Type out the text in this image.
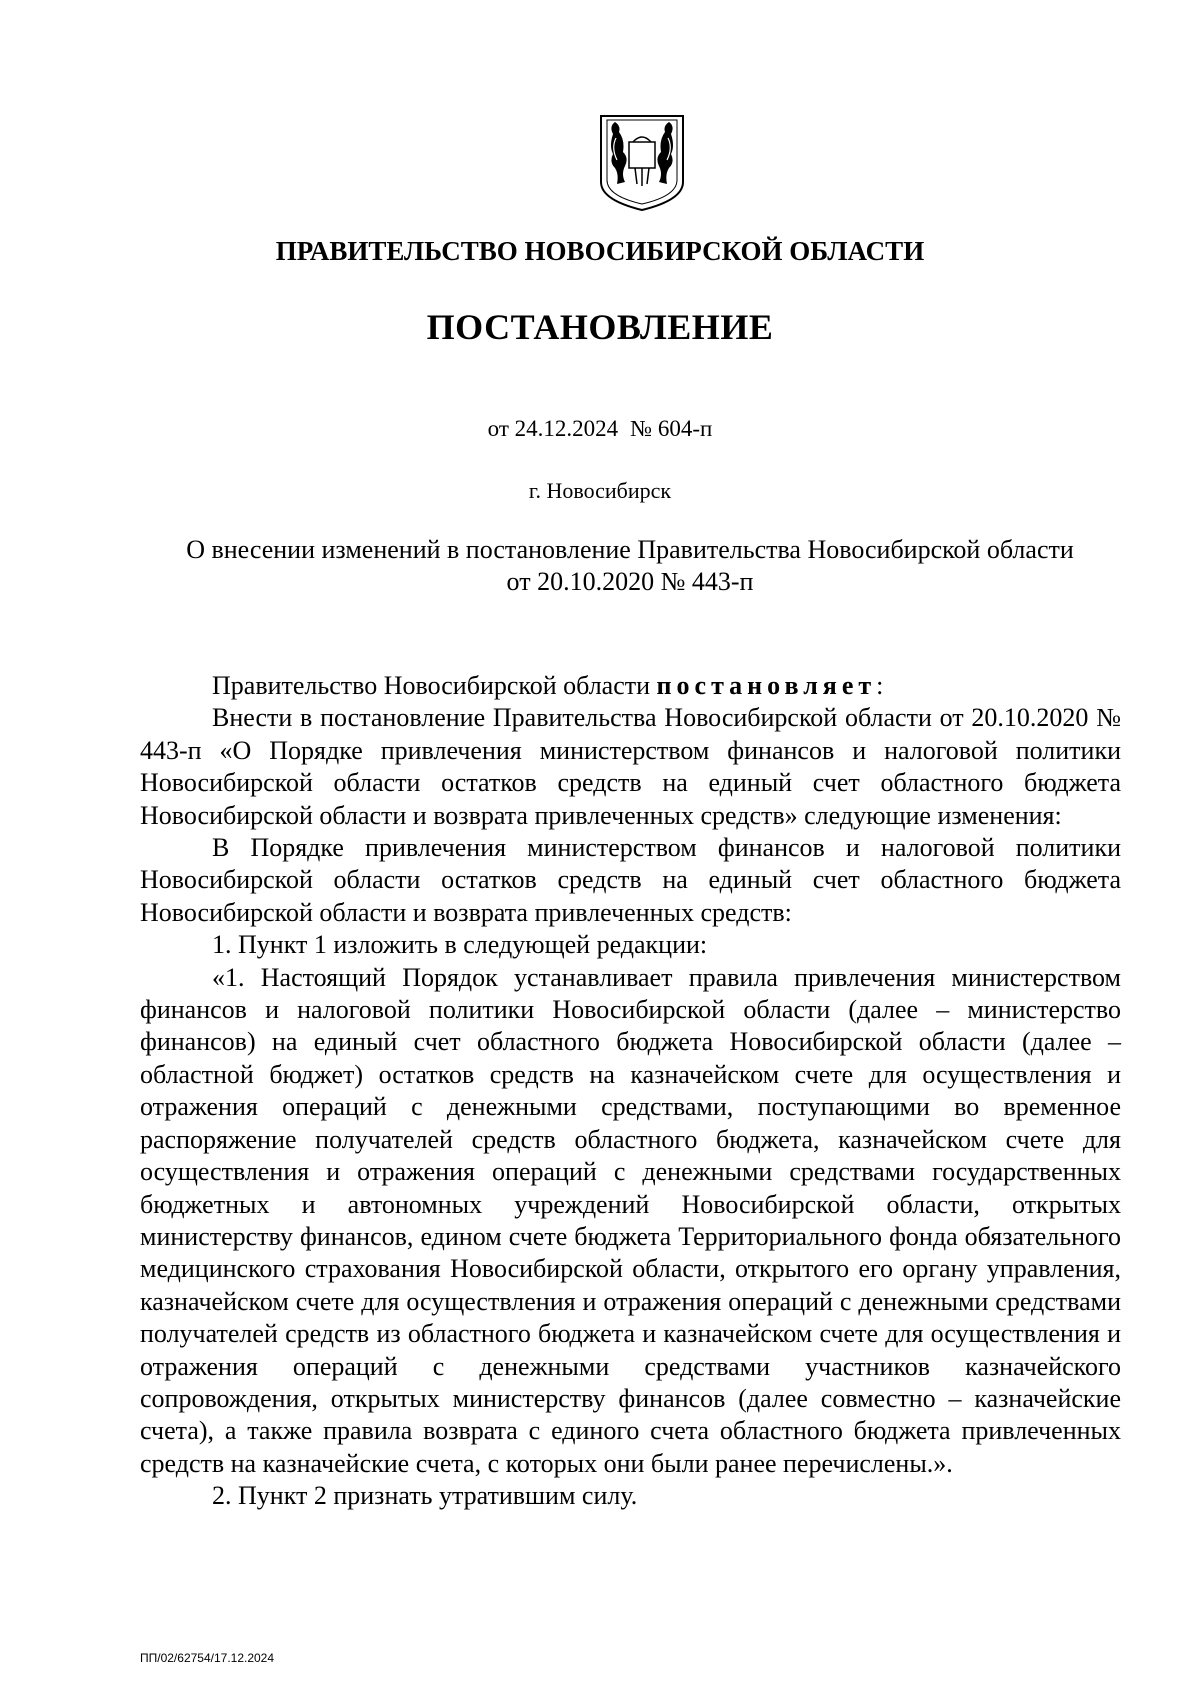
ПРАВИТЕЛЬСТВО НОВОСИБИРСКОЙ ОБЛАСТИ
ПОСТАНОВЛЕНИЕ
от 24.12.2024 № 604-п
г. Новосибирск
О внесении изменений в постановление Правительства Новосибирской области
от 20.10.2020 № 443-п

Правительство Новосибирской области постановляет:

Внести в постановление Правительства Новосибирской области от 20.10.2020 № 443-п «О Порядке привлечения министерством финансов и налоговой политики Новосибирской области остатков средств на единый счет областного бюджета Новосибирской области и возврата привлеченных средств» следующие изменения:

В Порядке привлечения министерством финансов и налоговой политики Новосибирской области остатков средств на единый счет областного бюджета Новосибирской области и возврата привлеченных средств:

1. Пункт 1 изложить в следующей редакции:

«1. Настоящий Порядок устанавливает правила привлечения министерством финансов и налоговой политики Новосибирской области (далее – министерство финансов) на единый счет областного бюджета Новосибирской области (далее – областной бюджет) остатков средств на казначейском счете для осуществления и отражения операций с денежными средствами, поступающими во временное распоряжение получателей средств областного бюджета, казначейском счете для осуществления и отражения операций с денежными средствами государственных бюджетных и автономных учреждений Новосибирской области, открытых министерству финансов, едином счете бюджета Территориального фонда обязательного медицинского страхования Новосибирской области, открытого его органу управления, казначейском счете для осуществления и отражения операций с денежными средствами получателей средств из областного бюджета и казначейском счете для осуществления и отражения операций с денежными средствами участников казначейского сопровождения, открытых министерству финансов (далее совместно – казначейские счета), а также правила возврата с единого счета областного бюджета привлеченных средств на казначейские счета, с которых они были ранее перечислены.».

2. Пункт 2 признать утратившим силу.

ПП/02/62754/17.12.2024
